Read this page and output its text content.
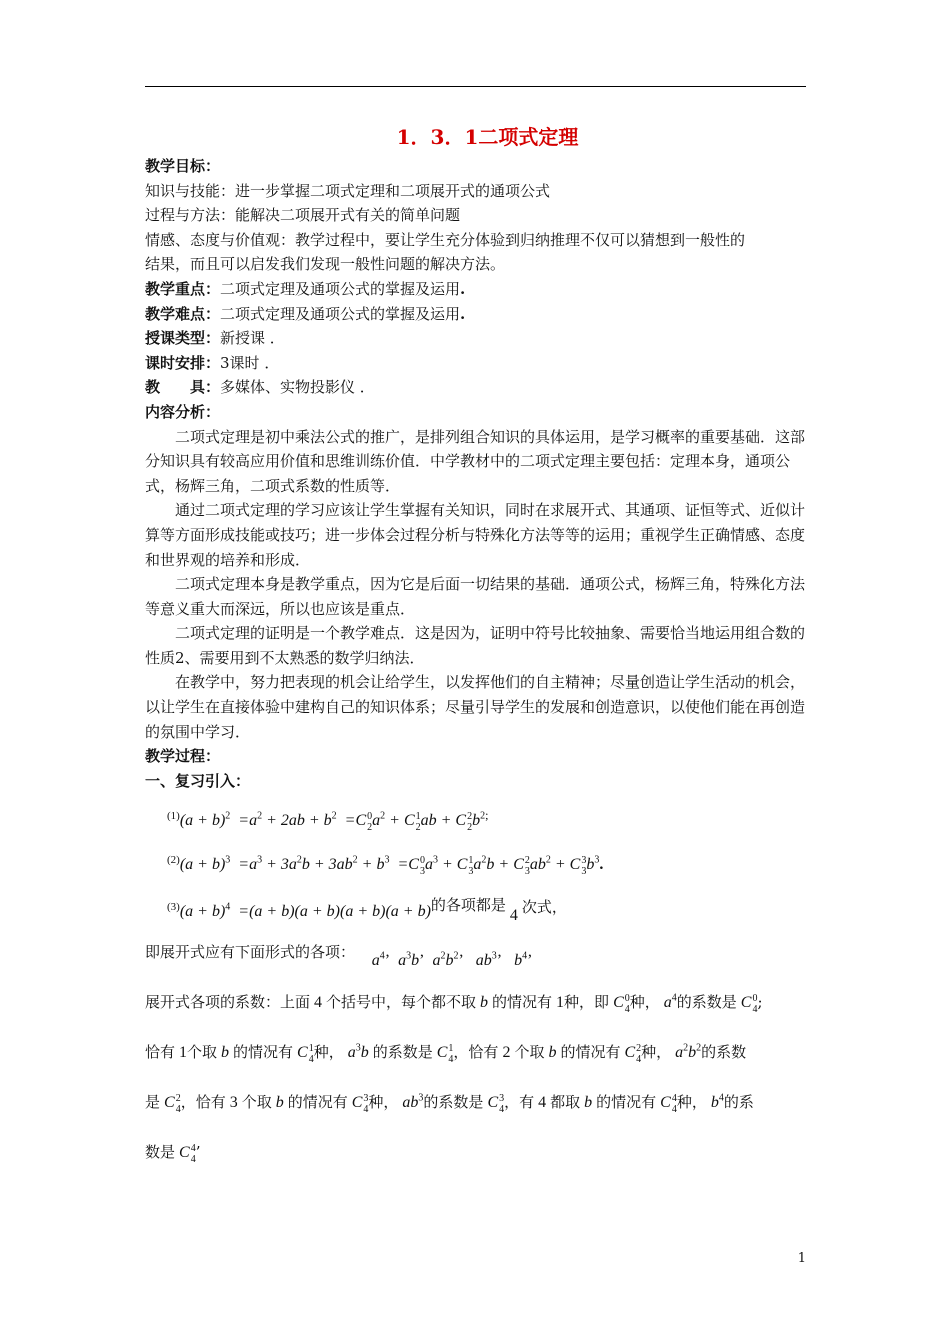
1．3．1二项式定理

教学目标：

知识与技能：进一步掌握二项式定理和二项展开式的通项公式

过程与方法：能解决二项展开式有关的简单问题

情感、态度与价值观：教学过程中，要让学生充分体验到归纳推理不仅可以猜想到一般性的

结果，而且可以启发我们发现一般性问题的解决方法。

教学重点：二项式定理及通项公式的掌握及运用.

教学难点：二项式定理及通项公式的掌握及运用.

授课类型：新授课 ．

课时安排：3课时 ．

教　　具：多媒体、实物投影仪 ．

内容分析：

二项式定理是初中乘法公式的推广，是排列组合知识的具体运用，是学习概率的重要基础．这部分知识具有较高应用价值和思维训练价值．中学教材中的二项式定理主要包括：定理本身，通项公式，杨辉三角，二项式系数的性质等．

通过二项式定理的学习应该让学生掌握有关知识，同时在求展开式、其通项、证恒等式、近似计算等方面形成技能或技巧；进一步体会过程分析与特殊化方法等等的运用；重视学生正确情感、态度和世界观的培养和形成．

二项式定理本身是教学重点，因为它是后面一切结果的基础．通项公式，杨辉三角，特殊化方法等意义重大而深远，所以也应该是重点．

二项式定理的证明是一个教学难点．这是因为，证明中符号比较抽象、需要恰当地运用组合数的性质2、需要用到不太熟悉的数学归纳法．

在教学中，努力把表现的机会让给学生，以发挥他们的自主精神；尽量创造让学生活动的机会，以让学生在直接体验中建构自己的知识体系；尽量引导学生的发展和创造意识，以使他们能在再创造的氛围中学习．

教学过程：

一、复习引入：

$^{(1)}(a + b)^2 =a^2 + 2ab + b^2 =C0$
$2a^2 + C1$
2ab + C2
$2b^{2;}$
$^{(2)}(a + b)^3 =a^3 + 3a^2b + 3ab^2 + b^3 =C0$
$3a^3 + C1$
$3a^2b + C2$
$3ab^2 + C3$
$3b^3$.
$^{(3)}(a + b)^4 =(a + b)(a + b)(a + b)(a + b)$的各项都是 4 次式，

即展开式应有下面形式的各项： $a^4$’ $a^3b$’ $a^2b^2$’ $ab^3$’ $b^4$’

展开式各项的系数：上面 4 个括号中，每个都不取 b 的情况有 1种，即 C0
4种， $a^4$的系数是 C0
4;

恰有 1个取 b 的情况有 C1
4种， $a^3b$ 的系数是 C1
4，恰有 2 个取 b 的情况有 C2
4种， $a^2b^2$的系数

是 C2
4，恰有 3 个取 b 的情况有 C3
4种， $ab^3$的系数是 C3
4，有 4 都取 b 的情况有 C4
4种， $b^4$的系

数是 C4
4’

1
